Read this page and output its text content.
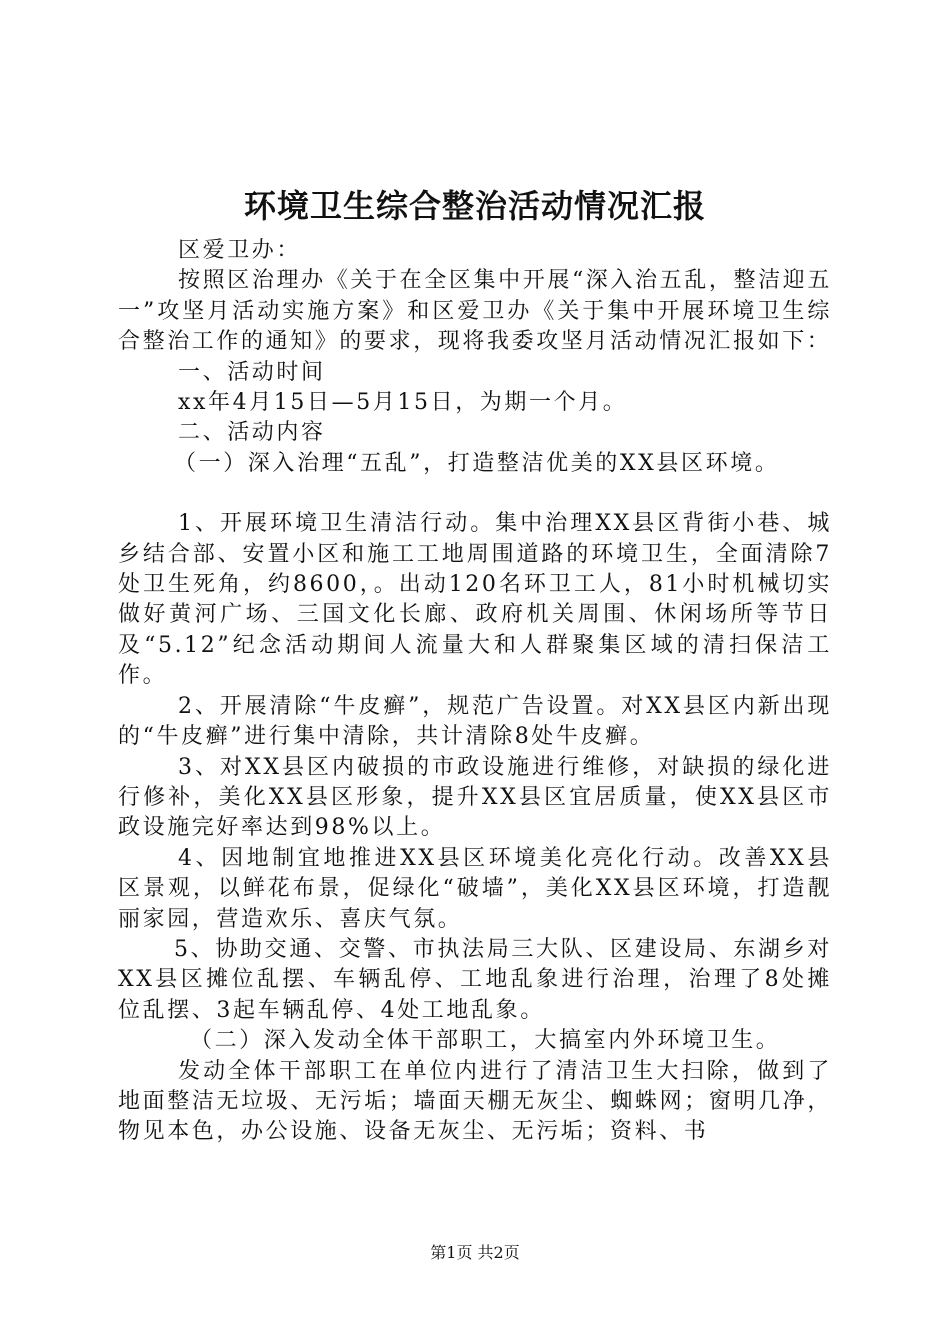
环境卫生综合整治活动情况汇报

区爱卫办：

按照区治理办《关于在全区集中开展“深入治五乱，整洁迎五一”攻坚月活动实施方案》和区爱卫办《关于集中开展环境卫生综合整治工作的通知》的要求，现将我委攻坚月活动情况汇报如下：

一、活动时间

xx年4月15日—5月15日，为期一个月。

二、活动内容

（一）深入治理“五乱”，打造整洁优美的XX县区环境。

1、开展环境卫生清洁行动。集中治理XX县区背街小巷、城乡结合部、安置小区和施工工地周围道路的环境卫生，全面清除7处卫生死角，约8600，。出动120名环卫工人，81小时机械切实做好黄河广场、三国文化长廊、政府机关周围、休闲场所等节日及“5.12”纪念活动期间人流量大和人群聚集区域的清扫保洁工作。

2、开展清除“牛皮癣”，规范广告设置。对XX县区内新出现的“牛皮癣”进行集中清除，共计清除8处牛皮癣。

3、对XX县区内破损的市政设施进行维修，对缺损的绿化进行修补，美化XX县区形象，提升XX县区宜居质量，使XX县区市政设施完好率达到98%以上。

4、因地制宜地推进XX县区环境美化亮化行动。改善XX县区景观，以鲜花布景，促绿化“破墙”，美化XX县区环境，打造靓丽家园，营造欢乐、喜庆气氛。

5、协助交通、交警、市执法局三大队、区建设局、东湖乡对XX县区摊位乱摆、车辆乱停、工地乱象进行治理，治理了8处摊位乱摆、3起车辆乱停、4处工地乱象。

（二）深入发动全体干部职工，大搞室内外环境卫生。

发动全体干部职工在单位内进行了清洁卫生大扫除，做到了地面整洁无垃圾、无污垢；墙面天棚无灰尘、蜘蛛网；窗明几净，物见本色，办公设施、设备无灰尘、无污垢；资料、书

第1页 共2页
